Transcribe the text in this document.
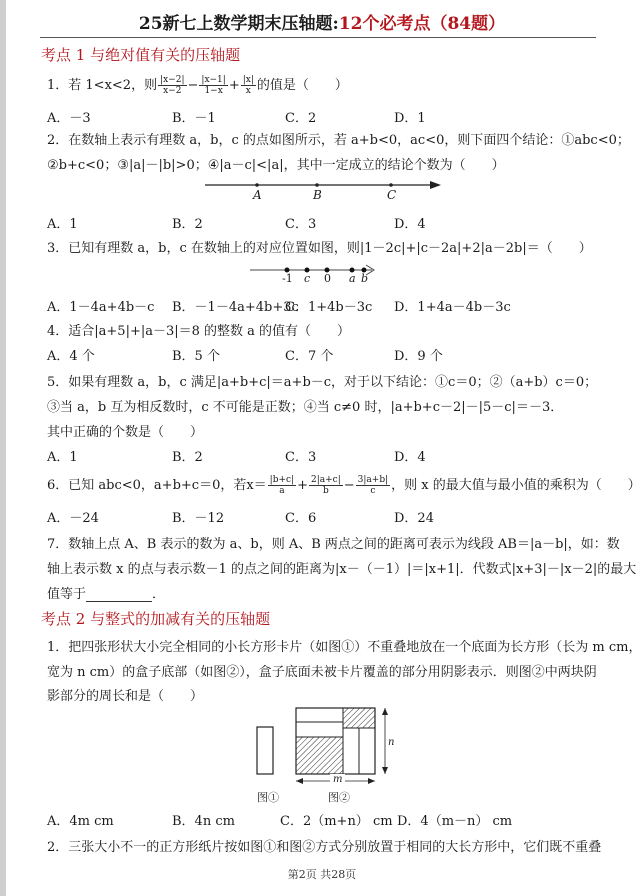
25新七上数学期末压轴题:12个必考点（84题）
考点 1 与绝对值有关的压轴题
1．若 1<x<2，则 $\frac{|x-2|}{x-2} - \frac{|x-1|}{1-x} + \frac{|x|}{x}$ 的值是（　　）
A．－3	B．－1	C．2	D．1
2．在数轴上表示有理数 a，b，c 的点如图所示，若 a+b<0，ac<0，则下面四个结论：①abc<0；
②b+c<0；③|a|－|b|>0；④|a－c|<|a|，其中一定成立的结论个数为（　　）
A	B	C
A．1	B．2	C．3	D．4
3．已知有理数 a，b，c 在数轴上的对应位置如图，则|1－2c|+|c－2a|+2|a－2b|＝（　　）
-1 c 0 a b
A．1－4a+4b－c B．－1－4a+4b+3c
C．1+4b－3c D．1+4a－4b－3c
4．适合|a+5|+|a－3|＝8 的整数 a 的值有（　　）
A．4 个	B．5 个	C．7 个	D．9 个
5．如果有理数 a，b，c 满足|a+b+c|＝a+b－c，对于以下结论：①c＝0；②（a+b）c＝0；
③当 a，b 互为相反数时，c 不可能是正数；④当 c≠0 时，|a+b+c－2|－|5－c|＝－3．
其中正确的个数是（　　）
A．1	B．2	C．3	D．4
6．已知 abc<0，a+b+c＝0，若$x= \frac{|b+c|}{a} + \frac{2|a+c|}{b} - \frac{3|a+b|}{c}$ ，则 x 的最大值与最小值的乘积为（　　）
A．－24	B．－12	C．6	D．24
7．数轴上点 A、B 表示的数为 a、b，则 A、B 两点之间的距离可表示为线段 AB＝|a－b|，如：数
轴上表示数 x 的点与表示数－1 的点之间的距离为|x－（－1）|＝|x+1|．代数式|x+3|－|x－2|的最大
值等于	．
考点 2 与整式的加减有关的压轴题
1．把四张形状大小完全相同的小长方形卡片（如图①）不重叠地放在一个底面为长方形（长为 m cm，
宽为 n cm）的盒子底部（如图②），盒子底面未被卡片覆盖的部分用阴影表示．则图②中两块阴
影部分的周长和是（　　）
n
m
图①	图②
A．4m cm	B．4n cm	C．2（m+n） cm D．4（m－n） cm
2．三张大小不一的正方形纸片按如图①和图②方式分别放置于相同的大长方形中，它们既不重叠
第2页 共28页
